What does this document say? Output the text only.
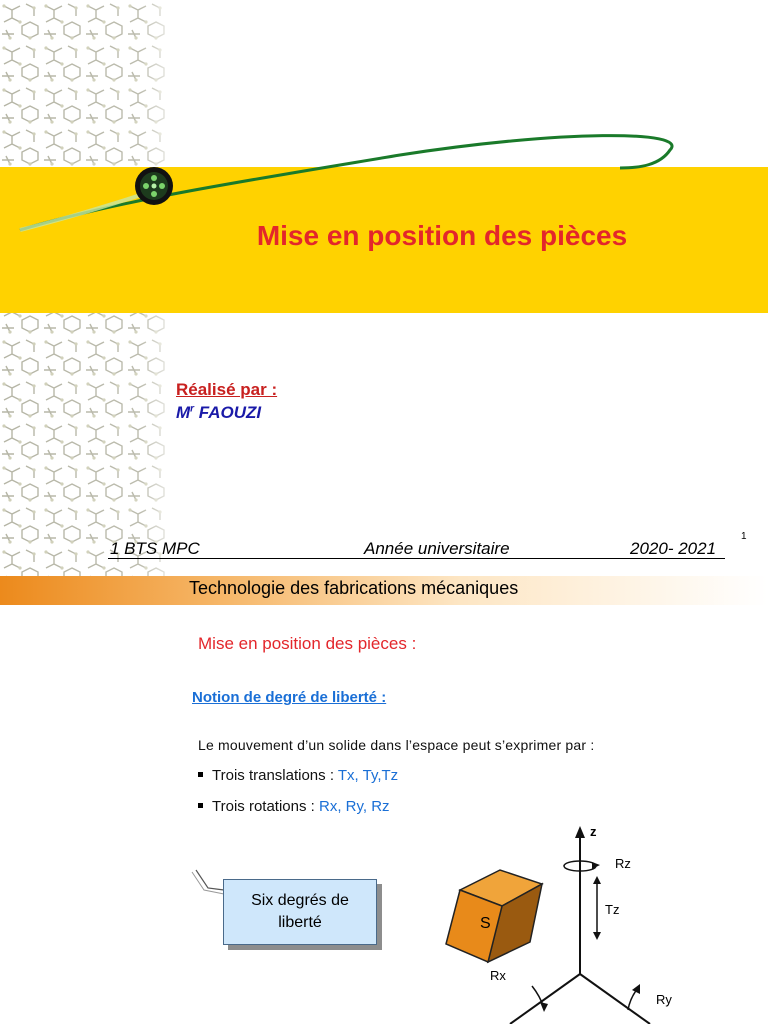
Mise en position des pièces
Réalisé par :
$M^r$ FAOUZI
1 BTS MPC	Année universitaire	2020- 2021
1
Technologie des fabrications mécaniques
Mise en position des pièces :
Notion de degré de liberté :
Le mouvement d’un solide dans l’espace peut s’exprimer par :
Trois translations : Tx, Ty,Tz
Trois rotations : Rx, Ry, Rz
Six degrés de
liberté	S
z
Rz
Tz
Rx
Ry
